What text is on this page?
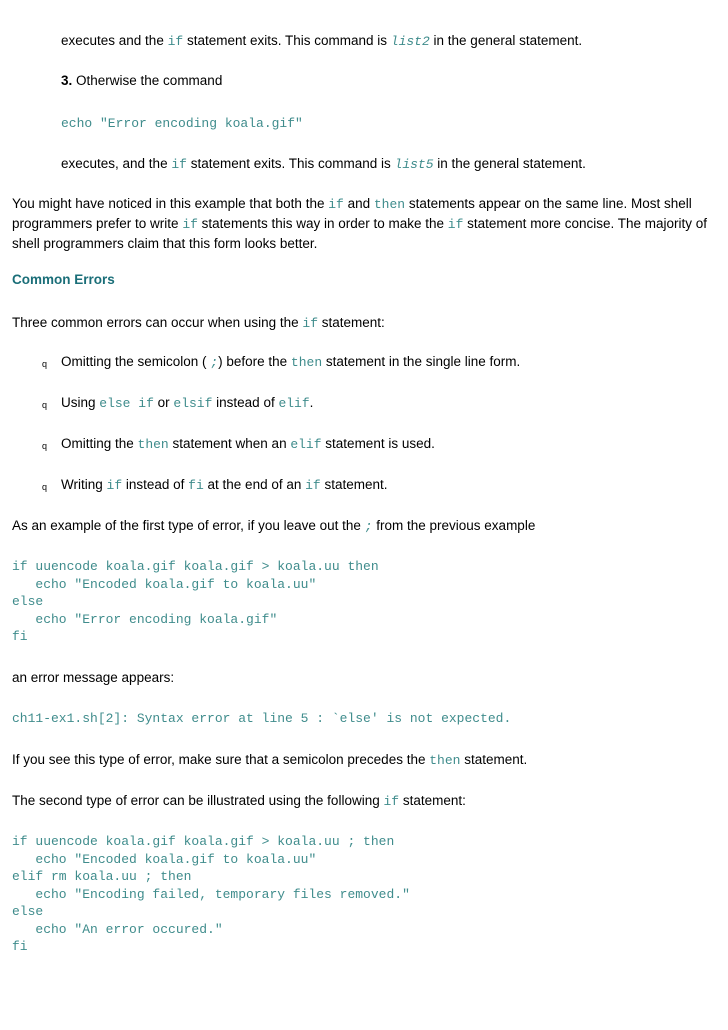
executes and the if statement exits. This command is list2 in the general statement.
3. Otherwise the command
echo "Error encoding koala.gif"
executes, and the if statement exits. This command is list5 in the general statement.
You might have noticed in this example that both the if and then statements appear on the same line. Most shell programmers prefer to write if statements this way in order to make the if statement more concise. The majority of shell programmers claim that this form looks better.
Common Errors
Three common errors can occur when using the if statement:
q Omitting the semicolon ( ;) before the then statement in the single line form.
q Using else if or elsif instead of elif.
q Omitting the then statement when an elif statement is used.
q Writing if instead of fi at the end of an if statement.
As an example of the first type of error, if you leave out the ; from the previous example
if uuencode koala.gif koala.gif > koala.uu then
echo "Encoded koala.gif to koala.uu"
else
echo "Error encoding koala.gif"
fi
an error message appears:
ch11-ex1.sh[2]: Syntax error at line 5 : `else' is not expected.
If you see this type of error, make sure that a semicolon precedes the then statement.
The second type of error can be illustrated using the following if statement:
if uuencode koala.gif koala.gif > koala.uu ; then
echo "Encoded koala.gif to koala.uu"
elif rm koala.uu ; then
echo "Encoding failed, temporary files removed."
else
echo "An error occured."
fi
